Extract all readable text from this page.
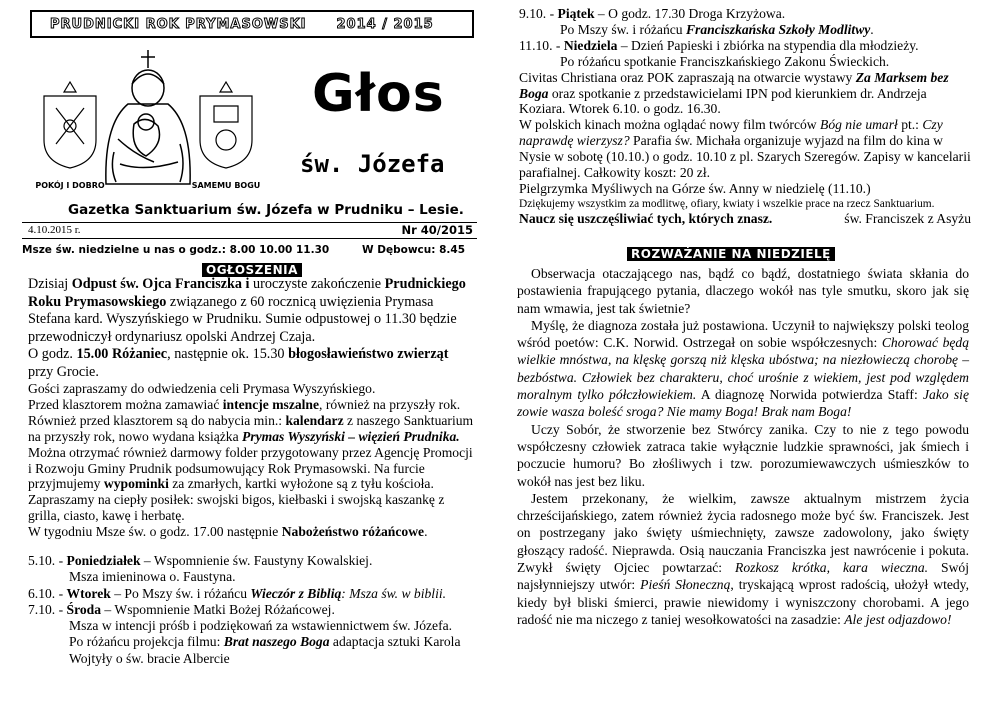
PRUDNICKI ROK PRYMASOWSKI 2014 / 2015
POKÓJ I DOBRO	SAMEMU BOGU
Głos
św. Józefa
Gazetka Sanktuarium św. Józefa w Prudniku – Lesie.
4.10.2015 r.	Nr 40/2015
Msze św. niedzielne u nas o godz.: 8.00 10.00 11.30	W Dębowcu: 8.45
OGŁOSZENIA

Dzisiaj Odpust św. Ojca Franciszka i uroczyste zakończenie Prudnickiego Roku Prymasowskiego związanego z 60 rocznicą uwięzienia Prymasa Stefana kard. Wyszyńskiego w Prudniku. Sumie odpustowej o 11.30 będzie przewodniczył ordynariusz opolski Andrzej Czaja.

O godz. 15.00 Różaniec, następnie ok. 15.30 błogosławieństwo zwierząt przy Grocie.

Gości zapraszamy do odwiedzenia celi Prymasa Wyszyńskiego.

Przed klasztorem można zamawiać intencje mszalne, również na przyszły rok. Również przed klasztorem są do nabycia min.: kalendarz z naszego Sanktuarium na przyszły rok, nowo wydana książka Prymas Wyszyński – więzień Prudnika. Można otrzymać również darmowy folder przygotowany przez Agencję Promocji i Rozwoju Gminy Prudnik podsumowujący Rok Prymasowski. Na furcie przyjmujemy wypominki za zmarłych, kartki wyłożone są z tyłu kościoła.

Zapraszamy na ciepły posiłek: swojski bigos, kiełbaski i swojską kaszankę z grilla, ciasto, kawę i herbatę.

W tygodniu Msze św. o godz. 17.00 następnie Nabożeństwo różańcowe.

5.10. - Poniedziałek – Wspomnienie św. Faustyny Kowalskiej.

Msza imieninowa o. Faustyna.

6.10. - Wtorek – Po Mszy św. i różańcu Wieczór z Biblią: Msza św. w biblii.

7.10. - Środa – Wspomnienie Matki Bożej Różańcowej.

Msza w intencji próśb i podziękowań za wstawiennictwem św. Józefa.

Po różańcu projekcja filmu: Brat naszego Boga adaptacja sztuki Karola Wojtyły o św. bracie Albercie

9.10. - Piątek – O godz. 17.30 Droga Krzyżowa.

Po Mszy św. i różańcu Franciszkańska Szkoły Modlitwy.

11.10. - Niedziela – Dzień Papieski i zbiórka na stypendia dla młodzieży.

Po różańcu spotkanie Franciszkańskiego Zakonu Świeckich.

Civitas Christiana oraz POK zapraszają na otwarcie wystawy Za Marksem bez Boga oraz spotkanie z przedstawicielami IPN pod kierunkiem dr. Andrzeja Koziara. Wtorek 6.10. o godz. 16.30.

W polskich kinach można oglądać nowy film twórców Bóg nie umarł pt.: Czy naprawdę wierzysz? Parafia św. Michała organizuje wyjazd na film do kina w Nysie w sobotę (10.10.) o godz. 10.10 z pl. Szarych Szeregów. Zapisy w kancelarii parafialnej. Całkowity koszt: 20 zł.

Pielgrzymka Myśliwych na Górze św. Anny w niedzielę (11.10.)

Dziękujemy wszystkim za modlitwę, ofiary, kwiaty i wszelkie prace na rzecz Sanktuarium.

Naucz się uszczęśliwiać tych, których znasz.	św. Franciszek z Asyżu

ROZWAŻANIE NA NIEDZIELĘ

Obserwacja otaczającego nas, bądź co bądź, dostatniego świata skłania do postawienia frapującego pytania, dlaczego wokół nas tyle smutku, skoro jak się nam wmawia, jest tak świetnie?

Myślę, że diagnoza została już postawiona. Uczynił to największy polski teolog wśród poetów: C.K. Norwid. Ostrzegał on sobie współczesnych: Chorować będą wielkie mnóstwa, na klęskę gorszą niż klęska ubóstwa; na niezłowieczą chorobę – bezbóstwa. Człowiek bez charakteru, choć urośnie z wiekiem, jest pod względem moralnym tylko półczłowiekiem. A diagnozę Norwida potwierdza Staff: Jako się zowie wasza boleść sroga? Nie mamy Boga! Brak nam Boga!

Uczy Sobór, że stworzenie bez Stwórcy zanika. Czy to nie z tego powodu współczesny człowiek zatraca takie wyłącznie ludzkie sprawności, jak śmiech i poczucie humoru? Bo złośliwych i tzw. porozumiewawczych uśmieszków to wokół nas jest bez liku.

Jestem przekonany, że wielkim, zawsze aktualnym mistrzem życia chrześcijańskiego, zatem również życia radosnego może być św. Franciszek. Jest on postrzegany jako święty uśmiechnięty, zawsze zadowolony, jako święty głoszący radość. Nieprawda. Osią nauczania Franciszka jest nawrócenie i pokuta. Zwykł święty Ojciec powtarzać: Rozkosz krótka, kara wieczna. Swój najsłynniejszy utwór: Pieśń Słoneczną, tryskającą wprost radością, ułożył wtedy, kiedy był bliski śmierci, prawie niewidomy i wyniszczony chorobami. A jego radość nie ma niczego z taniej wesołkowatości na zasadzie: Ale jest odjazdowo!
